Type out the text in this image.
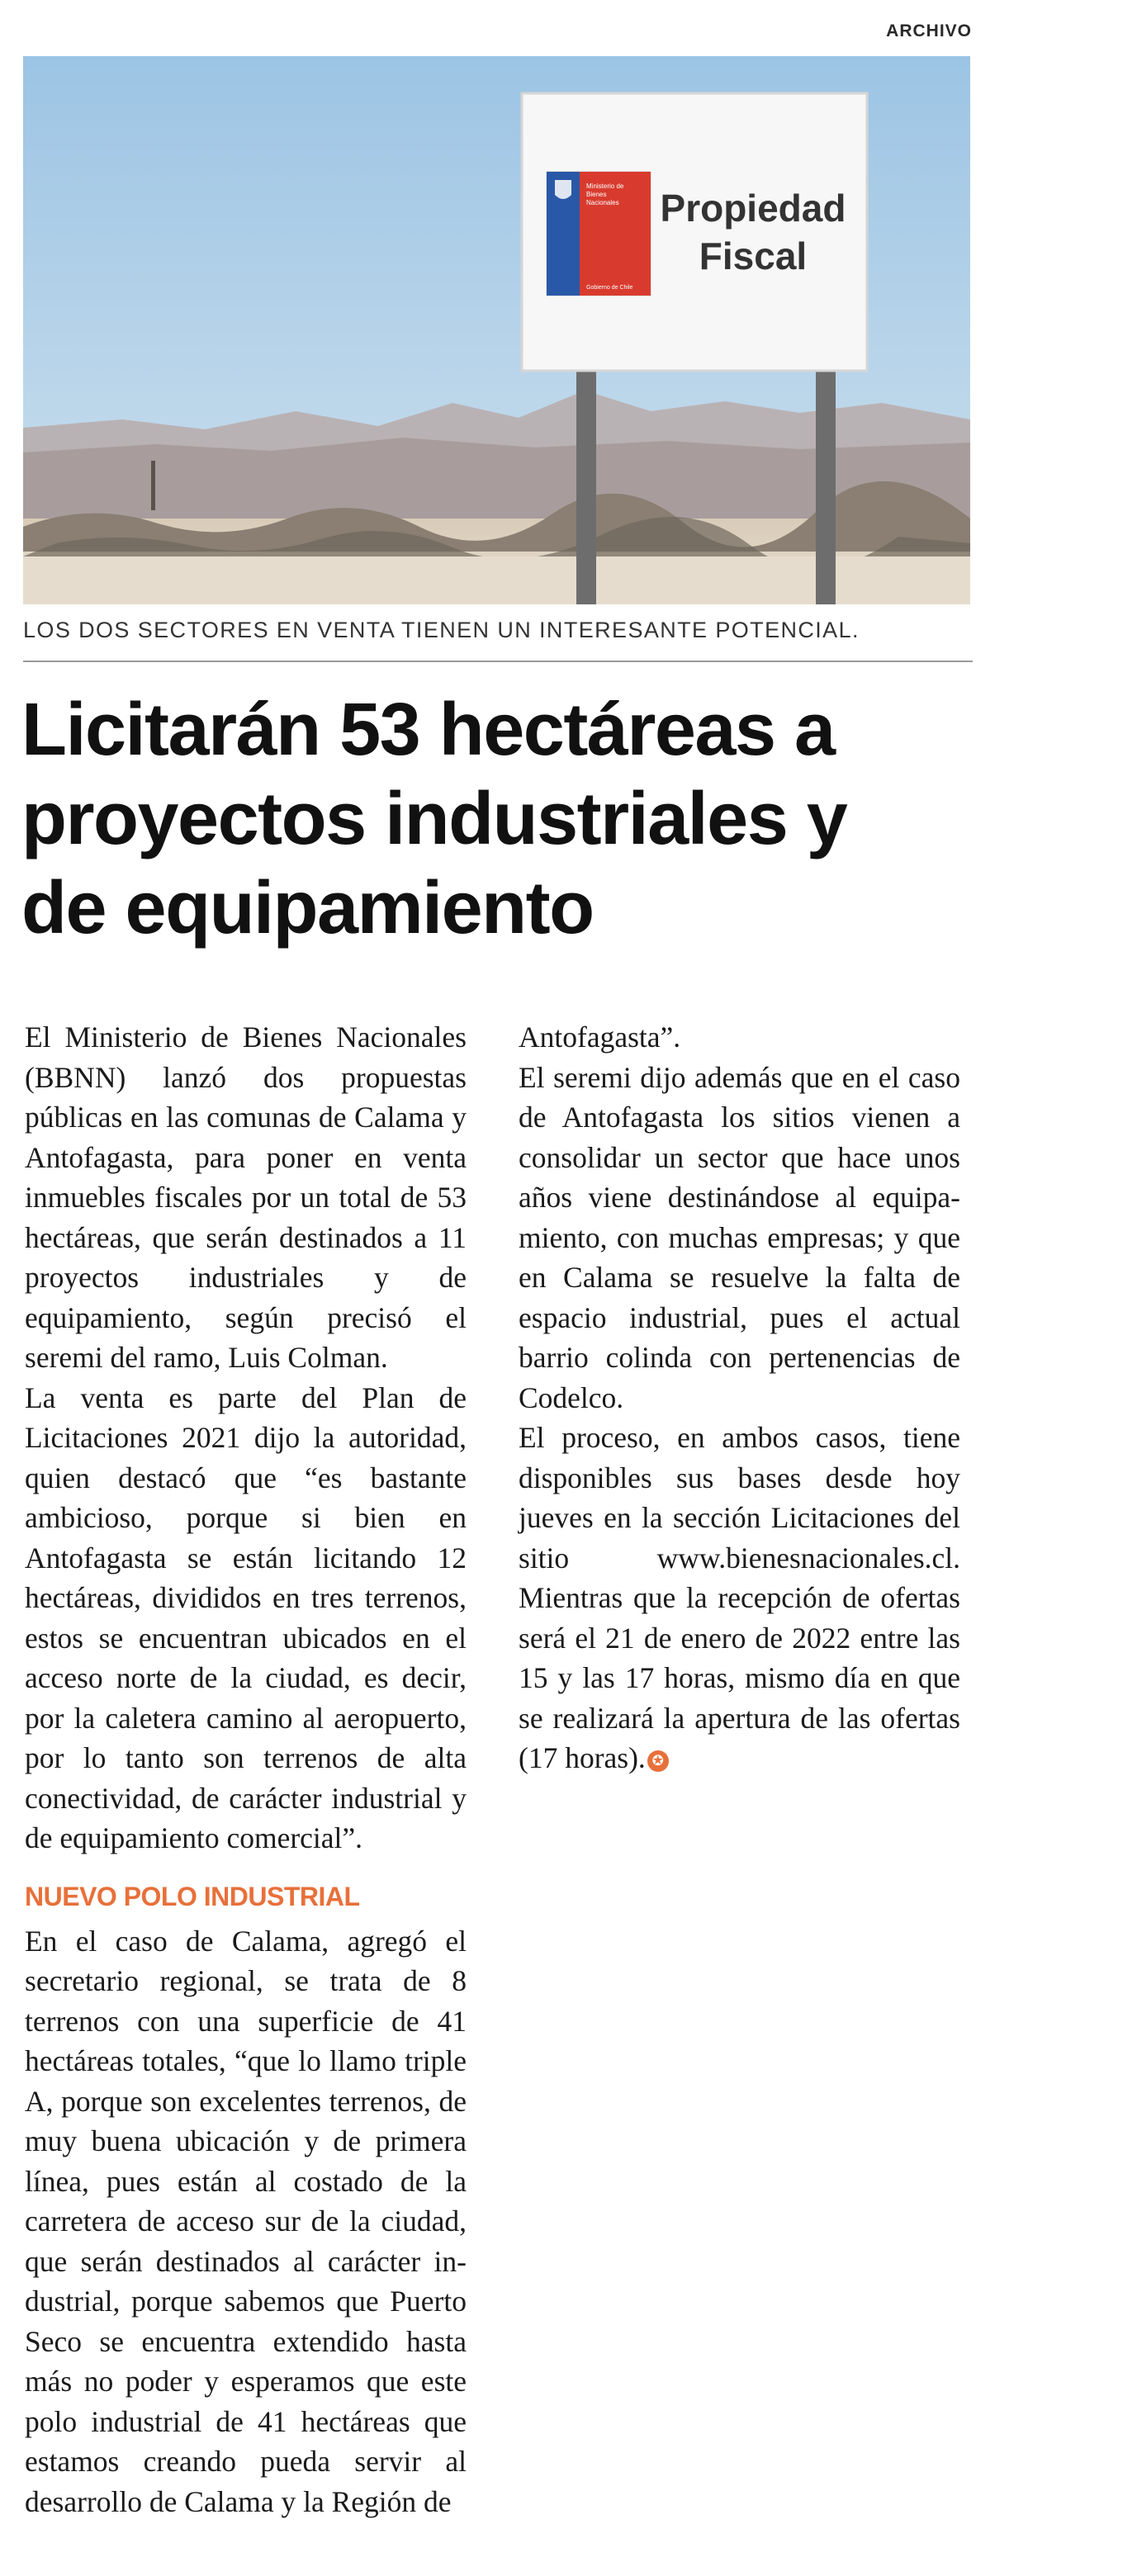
ARCHIVO
Ministerio de
Bienes
Nacionales
Gobierno de Chile
Propiedad
Fiscal
LOS DOS SECTORES EN VENTA TIENEN UN INTERESANTE POTENCIAL.
Licitarán 53 hectáreas a
proyectos industriales y
de equipamiento

El Ministerio de Bienes Nacionales (BBNN) lanzó dos propuestas públicas en las comunas de Calama y Antofagasta, para poner en venta inmuebles fiscales por un total de 53 hectáreas, que serán destinados a 11 proyectos industriales y de equipamiento, según precisó el seremi del ramo, Luis Colman.

La venta es parte del Plan de Licitaciones 2021 dijo la autoridad, quien destacó que “es bastante ambicioso, porque si bien en Antofagasta se están licitando 12 hectáreas, divididos en tres terrenos, estos se encuentran ubicados en el acceso norte de la ciudad, es decir, por la caletera camino al aeropuerto, por lo tanto son terrenos de alta conectividad, de carácter industrial y de equipamiento comercial”.

NUEVO POLO INDUSTRIAL

En el caso de Calama, agregó el secretario regional, se trata de 8 terrenos con una superficie de 41 hectáreas totales, “que lo llamo triple A, porque son excelentes terrenos, de muy buena ubicación y de primera línea, pues están al costado de la carretera de acceso sur de la ciudad, que serán destinados al carácter industrial, porque sabemos que Puerto Seco se encuentra extendido hasta más no poder y esperamos que este polo industrial de 41 hectáreas que estamos creando pueda servir al desarrollo de Calama y la Región de

Antofagasta”.

El seremi dijo además que en el caso de Antofagasta los sitios vienen a consolidar un sector que hace unos años viene destinándose al equipamiento, con muchas empresas; y que en Calama se resuelve la falta de espacio industrial, pues el actual barrio colinda con pertenencias de Codelco.

El proceso, en ambos casos, tiene disponibles sus bases desde hoy jueves en la sección Licitaciones del sitio www.bienesnacionales.cl. Mientras que la recepción de ofertas será el 21 de enero de 2022 entre las 15 y las 17 horas, mismo día en que se realizará la apertura de las ofertas (17 horas). ✪
